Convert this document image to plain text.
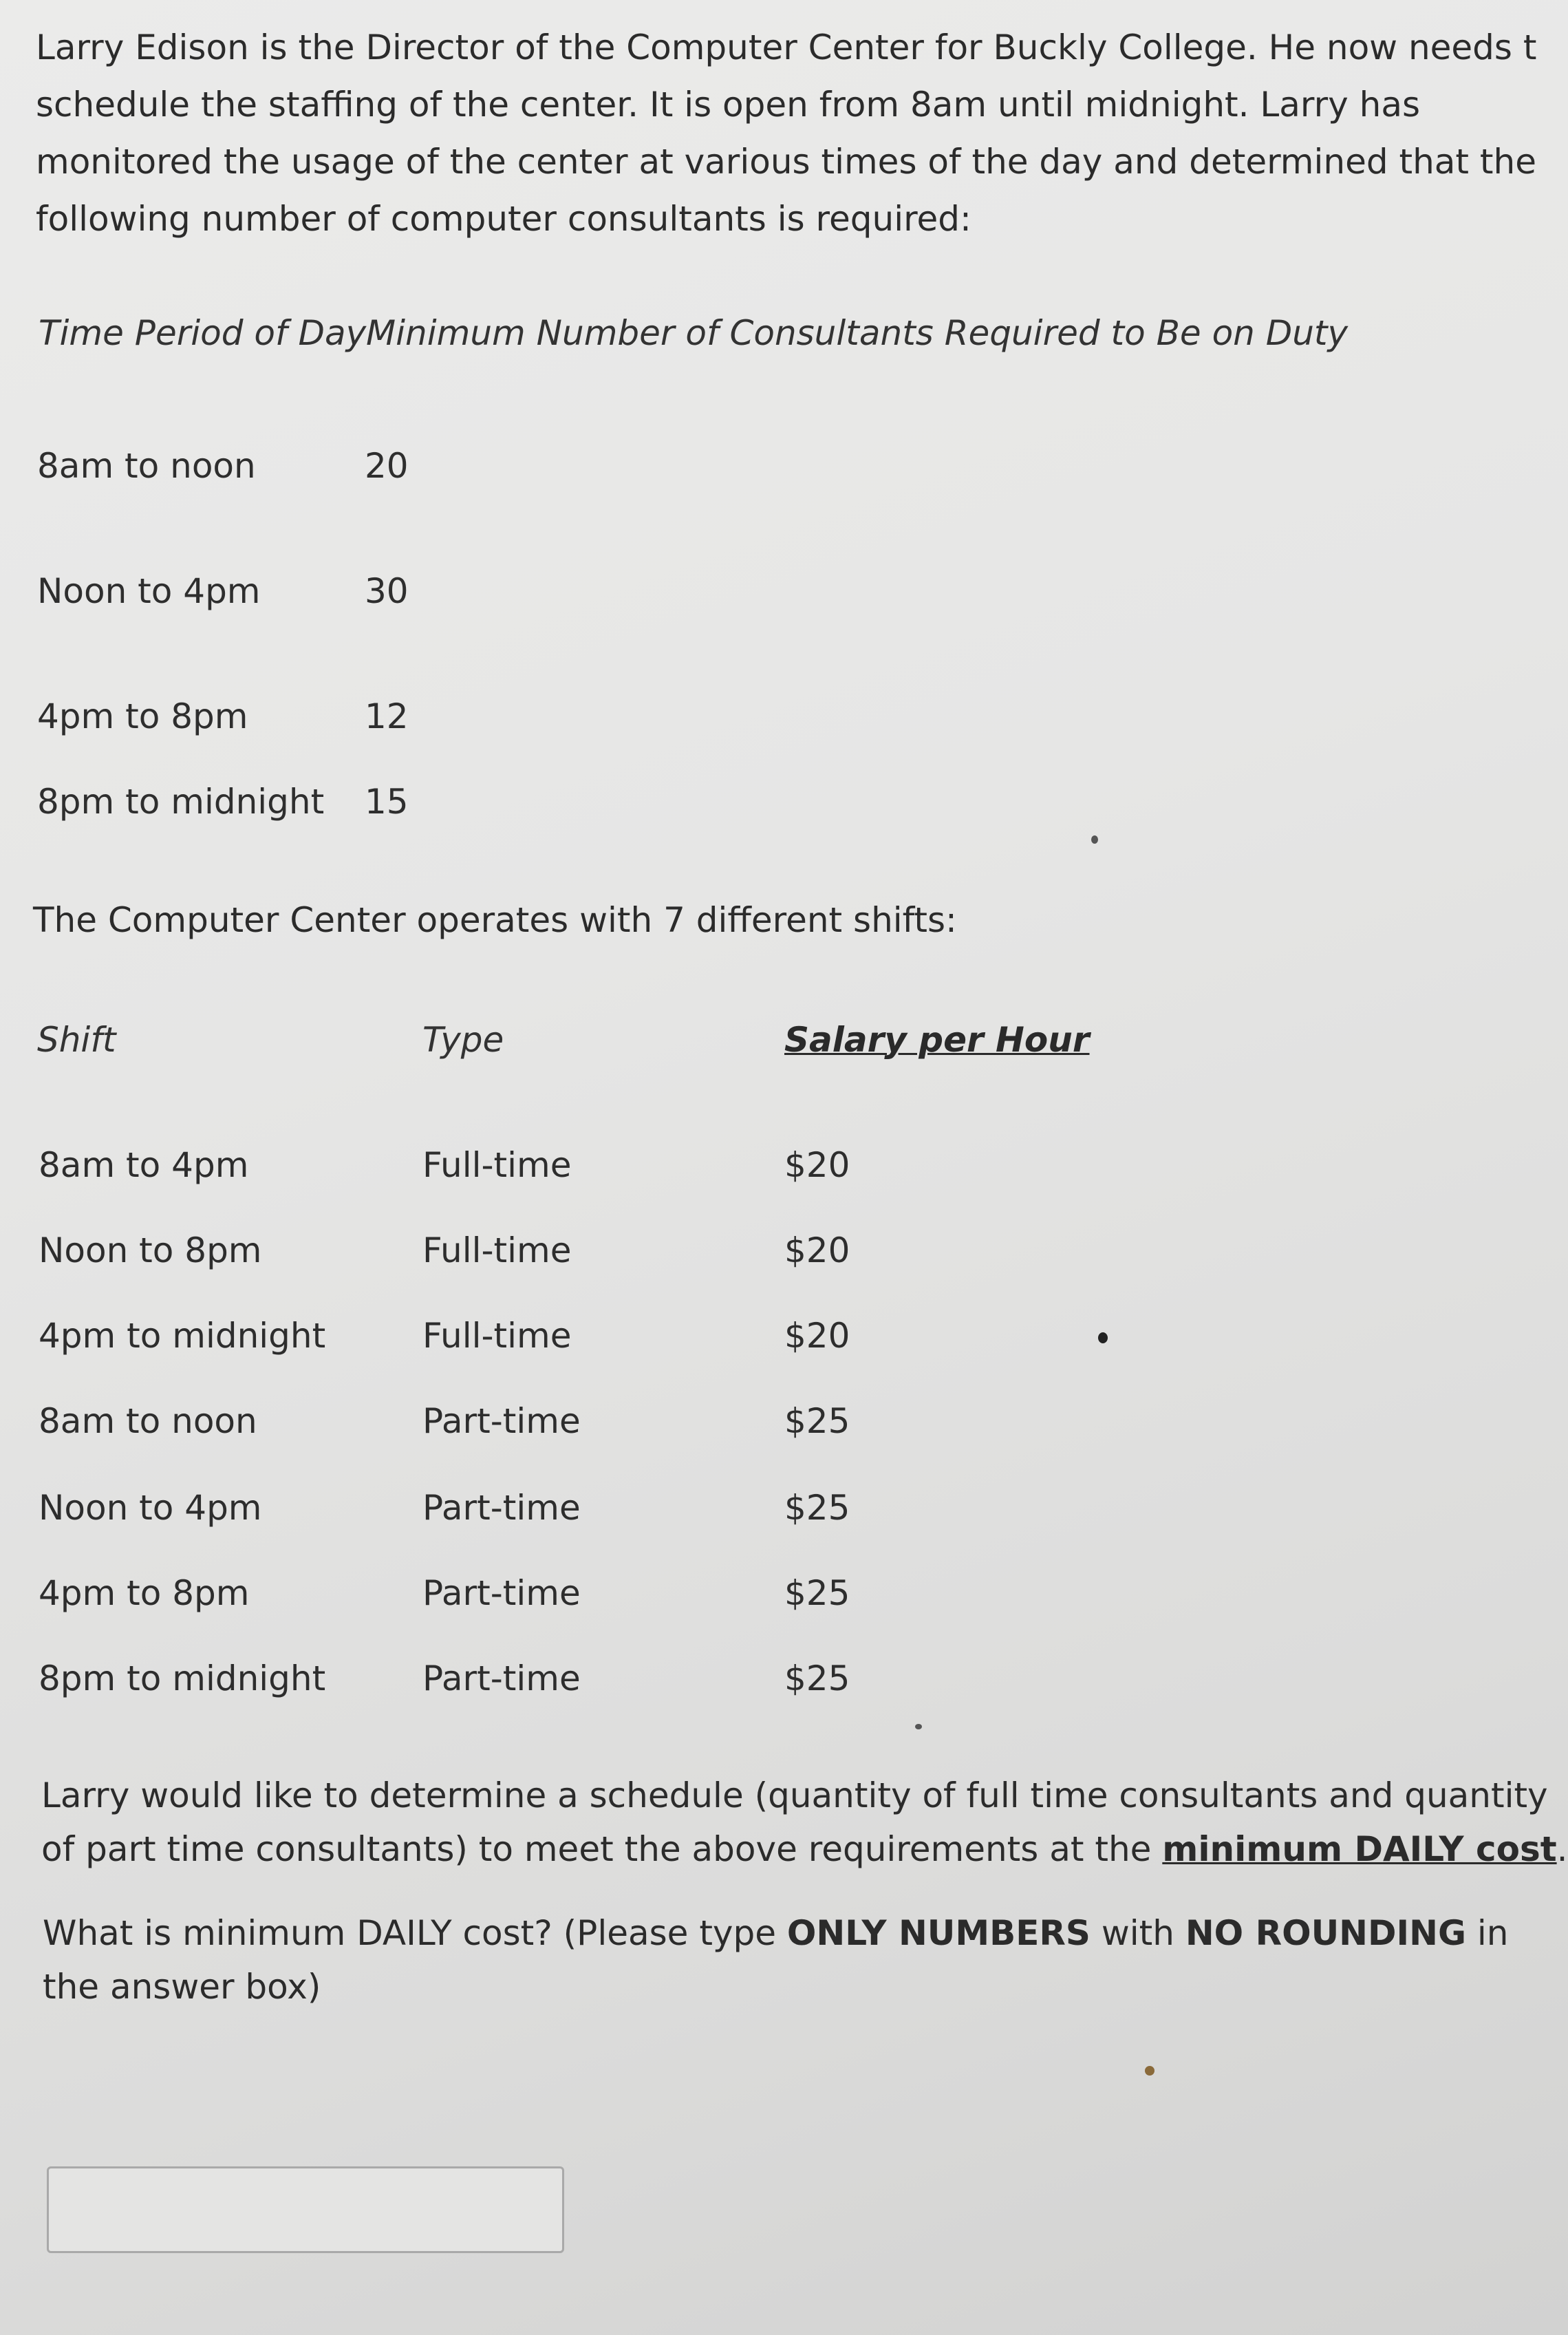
Larry Edison is the Director of the Computer Center for Buckly College. He now needs t
schedule the staffing of the center. It is open from 8am until midnight. Larry has
monitored the usage of the center at various times of the day and determined that the
following number of computer consultants is required:
Time Period of Day Minimum Number of Consultants Required to Be on Duty
8am to noon	20
Noon to 4pm	30
4pm to 8pm	12
8pm to midnight 15
The Computer Center operates with 7 different shifts:
Shift	Type	Salary per Hour
8am to 4pm	Full-time	$20
Noon to 8pm	Full-time	$20
4pm to midnight	Full-time	$20
8am to noon	Part-time	$25
Noon to 4pm	Part-time	$25
4pm to 8pm	Part-time	$25
8pm to midnight	Part-time	$25
Larry would like to determine a schedule (quantity of full time consultants and quantity
of part time consultants) to meet the above requirements at the minimum DAILY cost.
What is minimum DAILY cost? (Please type ONLY NUMBERS with NO ROUNDING in
the answer box)
